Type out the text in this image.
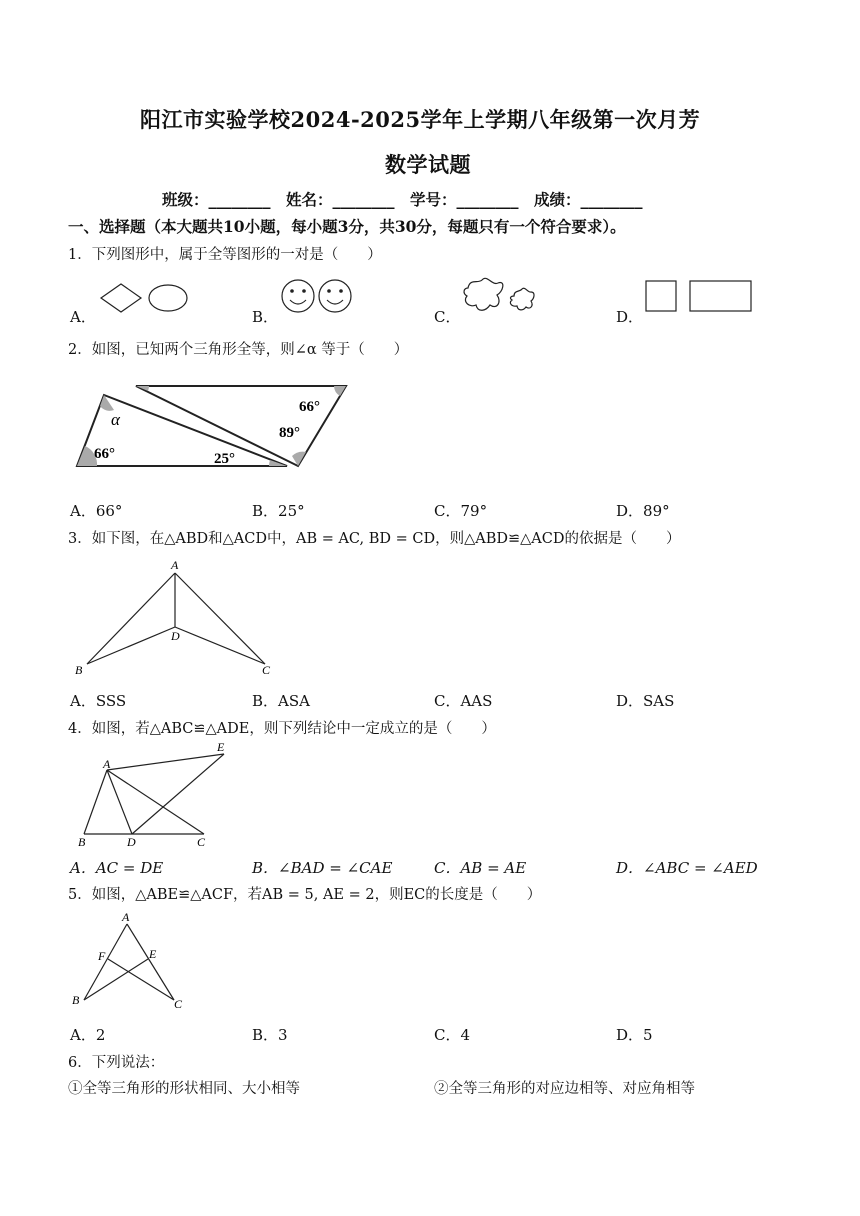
阳江市实验学校2024-2025学年上学期八年级第一次月芳
数学试题
班级：________　姓名：________　学号：________　成绩：________
一、选择题（本大题共10小题，每小题3分，共30分，每题只有一个符合要求）。
1．下列图形中，属于全等图形的一对是（　　）
A．	B．	C．	D．
2．如图，已知两个三角形全等，则∠α 等于（　　）
66°
89°
α
66°	25°
A．66°	B．25°	C．79°	D．89°
3．如下图，在△ABD和△ACD中，AB = AC, BD = CD，则△ABD≌△ACD的依据是（　　）
A
B	C
D
A．SSS	B．ASA	C．AAS	D．SAS
4．如图，若△ABC≌△ADE，则下列结论中一定成立的是（　　）
A
B	C
D
E
A．AC = DE	B．∠BAD = ∠CAE	C．AB = AE	D．∠ABC = ∠AED
5．如图，△ABE≌△ACF，若AB = 5, AE = 2，则EC的长度是（　　）
A
B	C
E
F
A．2	B．3	C．4	D．5
6．下列说法：
①全等三角形的形状相同、大小相等	②全等三角形的对应边相等、对应角相等
